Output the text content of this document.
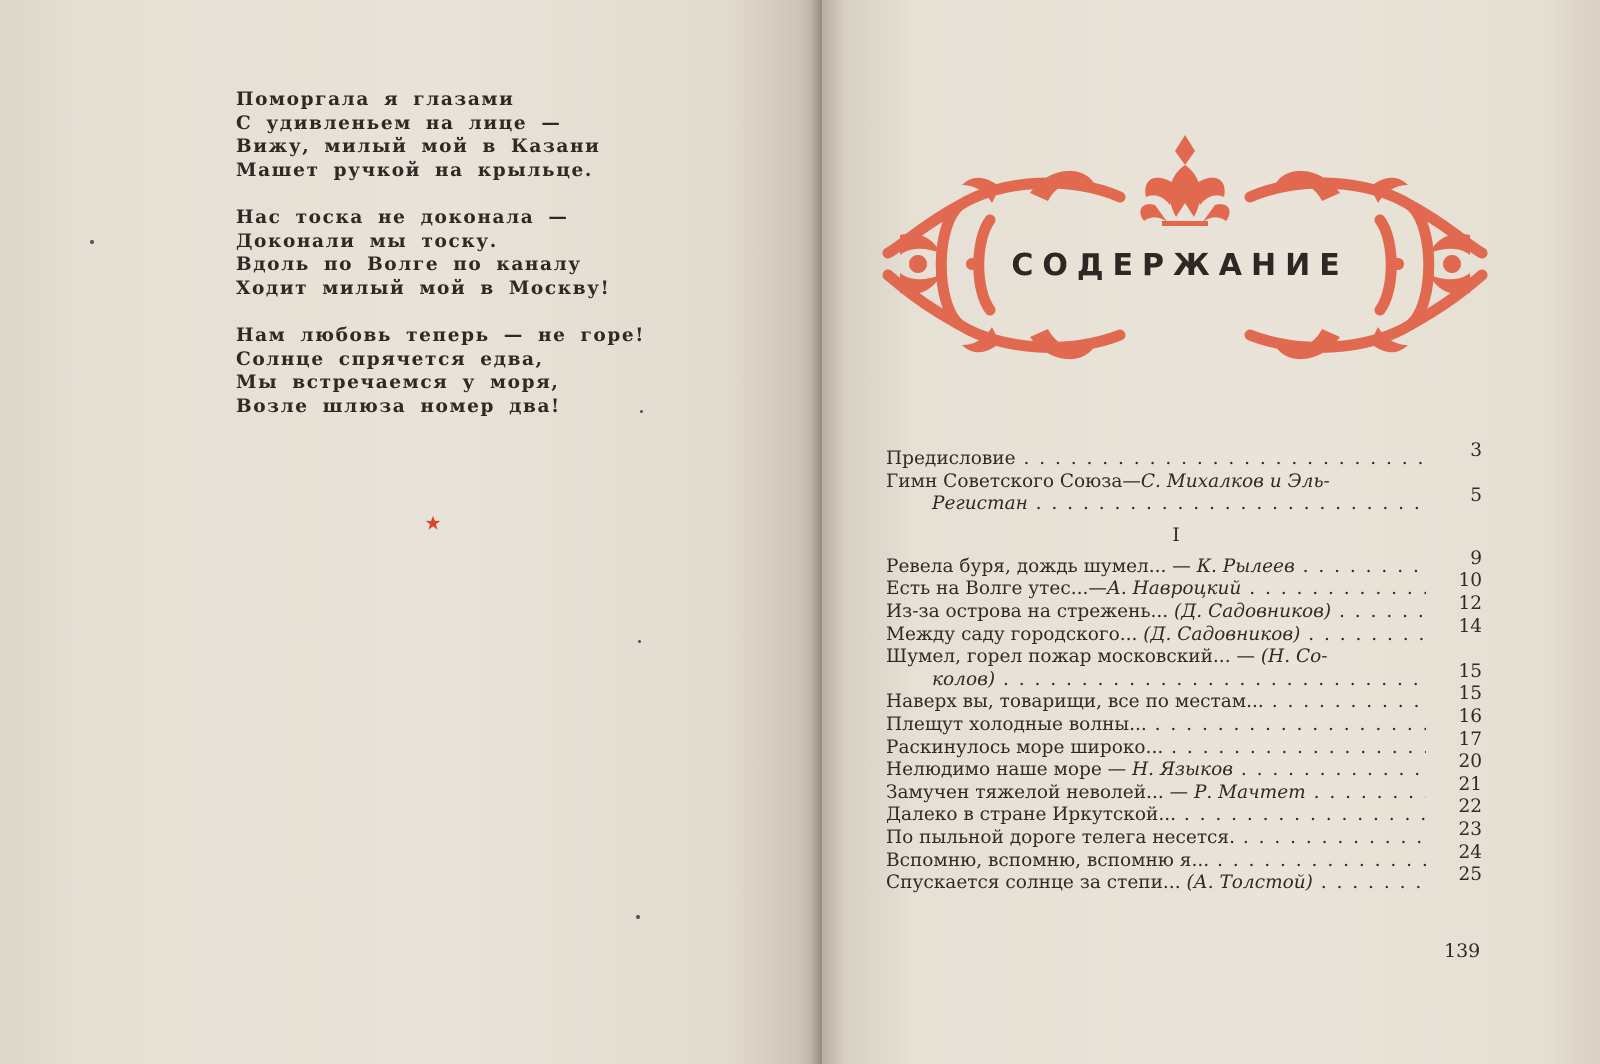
Поморгала я глазами
С удивленьем на лице —
Вижу, милый мой в Казани
Машет ручкой на крыльце.
Нас тоска не доконала —
Доконали мы тоску.
Вдоль по Волге по каналу
Ходит милый мой в Москву!
Нам любовь теперь — не горе!
Солнце спрячется едва,
Мы встречаемся у моря,
Возле шлюза номер два!
СОДЕРЖАНИЕ
Предисловие . . .	3
Гимн Советского Союза—С. Михалков и Эль-
Регистан . . .	5
I
Ревела буря, дождь шумел... — К. Рылеев . . .	9
Есть на Волге утес...—А. Навроцкий . . .	10
Из-за острова на стрежень... (Д. Садовников) . . .	12
Между саду городского... (Д. Садовников) . . .	14
Шумел, горел пожар московский... — (Н. Со-
колов) . . .	15
Наверх вы, товарищи, все по местам... . . .	15
Плещут холодные волны... . . .	16
Раскинулось море широко... . . .	17
Нелюдимо наше море — Н. Языков . . .	20
Замучен тяжелой неволей... — Р. Мачтет . . .	21
Далеко в стране Иркутской... . . .	22
По пыльной дороге телега несется. . . .	23
Вспомню, вспомню, вспомню я... . . .	24
Спускается солнце за степи... (А. Толстой) . . .	25
139
